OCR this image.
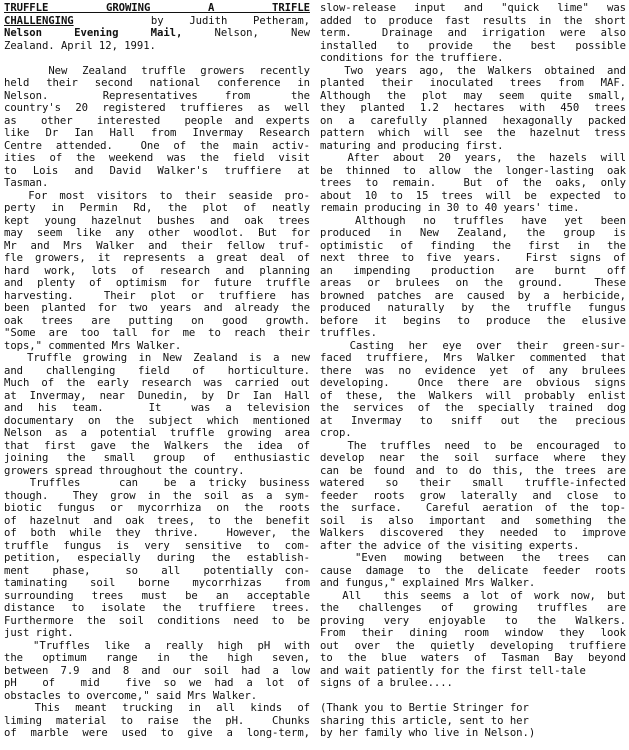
TRUFFLE GROWING A TRIFLE
CHALLENGING	by Judith Petheram,
Nelson Evening Mail,	Nelson, New
Zealand. April 12, 1991.
New Zealand truffle growers recently
held their second national conference in
Nelson.    Representatives  from   the
country's 20 registered truffieres as well
as  other  interested  people and experts
like Dr Ian Hall from Invermay Research
Centre attended.  One of the main activ-
ities of the weekend was the field visit
to Lois and David Walker's truffiere at
Tasman.
For most visitors to their seaside pro-
perty in Permin Rd, the plot of neatly
kept young hazelnut bushes and oak trees
may seem like any other woodlot. But for
Mr and Mrs Walker and their fellow truf-
fle growers, it represents a great deal of
hard work, lots of research and planning
and plenty of optimism for future truffle
harvesting.  Their plot or truffiere has
been planted for two years and already the
oak trees are putting on good growth.
"Some are too tall for me to reach their
tops," commented Mrs Walker.
Truffle growing in New Zealand is a new
and challenging field of horticulture.
Much of the early research was carried out
at Invermay, near Dunedin, by Dr Ian Hall
and his team.   It  was a television
documentary on the subject which mentioned
Nelson as a potential truffle growing area
that first gave the Walkers the idea of
joining the small group of enthusiastic
growers spread throughout the country.
Truffles   can  be a tricky business
though.  They grow in the soil as a sym-
biotic fungus or mycorrhiza on the roots
of hazelnut and oak trees, to the benefit
of both while they thrive.  However, the
truffle fungus is very sensitive to com-
petition, especially during the establish-
ment  phase,   so  all  potentially con-
taminating soil borne mycorrhizas from
surrounding trees must be an acceptable
distance to isolate the truffiere trees.
Furthermore the soil conditions need to be
just right.
"Truffles like a really high pH with
the optimum range in the high seven,
between 7.9 and 8 and our soil had a low
pH  of  mid  five so we had a lot of
obstacles to overcome," said Mrs Walker.
This meant trucking in all kinds of
liming material to raise the pH.  Chunks
of marble were used to give a long-term,
slow-release input and "quick lime" was
added to produce fast results in the short
term.  Drainage and irrigation were also
installed to provide the best possible
conditions for the truffiere.
Two years ago, the Walkers obtained and
planted their inoculated trees from MAF.
Although the plot may seem quite small,
they planted 1.2 hectares with 450 trees
on a carefully planned hexagonally packed
pattern which will see the hazelnut tress
maturing and producing first.
After about 20 years, the hazels will
be thinned to allow the longer-lasting oak
trees to remain.  But of the oaks, only
about 10 to 15 trees will be expected to
remain producing in 30 to 40 years' time.
Although no truffles have yet been
produced in New Zealand, the group is
optimistic of finding the first in the
next three to five years.  First signs of
an impending production are burnt off
areas or brulees on the ground.  These
browned patches are caused by a herbicide,
produced naturally by the truffle fungus
before it begins to produce the elusive
truffles.
Casting her eye over their green-sur-
faced truffiere, Mrs Walker commented that
there was no evidence yet of any brulees
developing.  Once there are obvious signs
of these, the Walkers will probably enlist
the services of the specially trained dog
at Invermay to sniff out the precious
crop.
The truffles need to be encouraged to
develop near the soil surface where they
can be found and to do this, the trees are
watered so their small truffle-infected
feeder roots grow laterally and close to
the surface.  Careful aeration of the top-
soil is also important and something the
Walkers discovered they needed to improve
after the advice of the visiting experts.
"Even mowing between the trees can
cause damage to the delicate feeder roots
and fungus," explained Mrs Walker.
All  this seems a lot of work now, but
the challenges of growing truffles are
proving very enjoyable to the Walkers.
From their dining room window they look
out over the quietly developing truffiere
to the blue waters of Tasman Bay beyond
and wait patiently for the first tell-tale
signs of a brulee....
(Thank you to Bertie Stringer for
sharing this article, sent to her
by her family who live in Nelson.)
